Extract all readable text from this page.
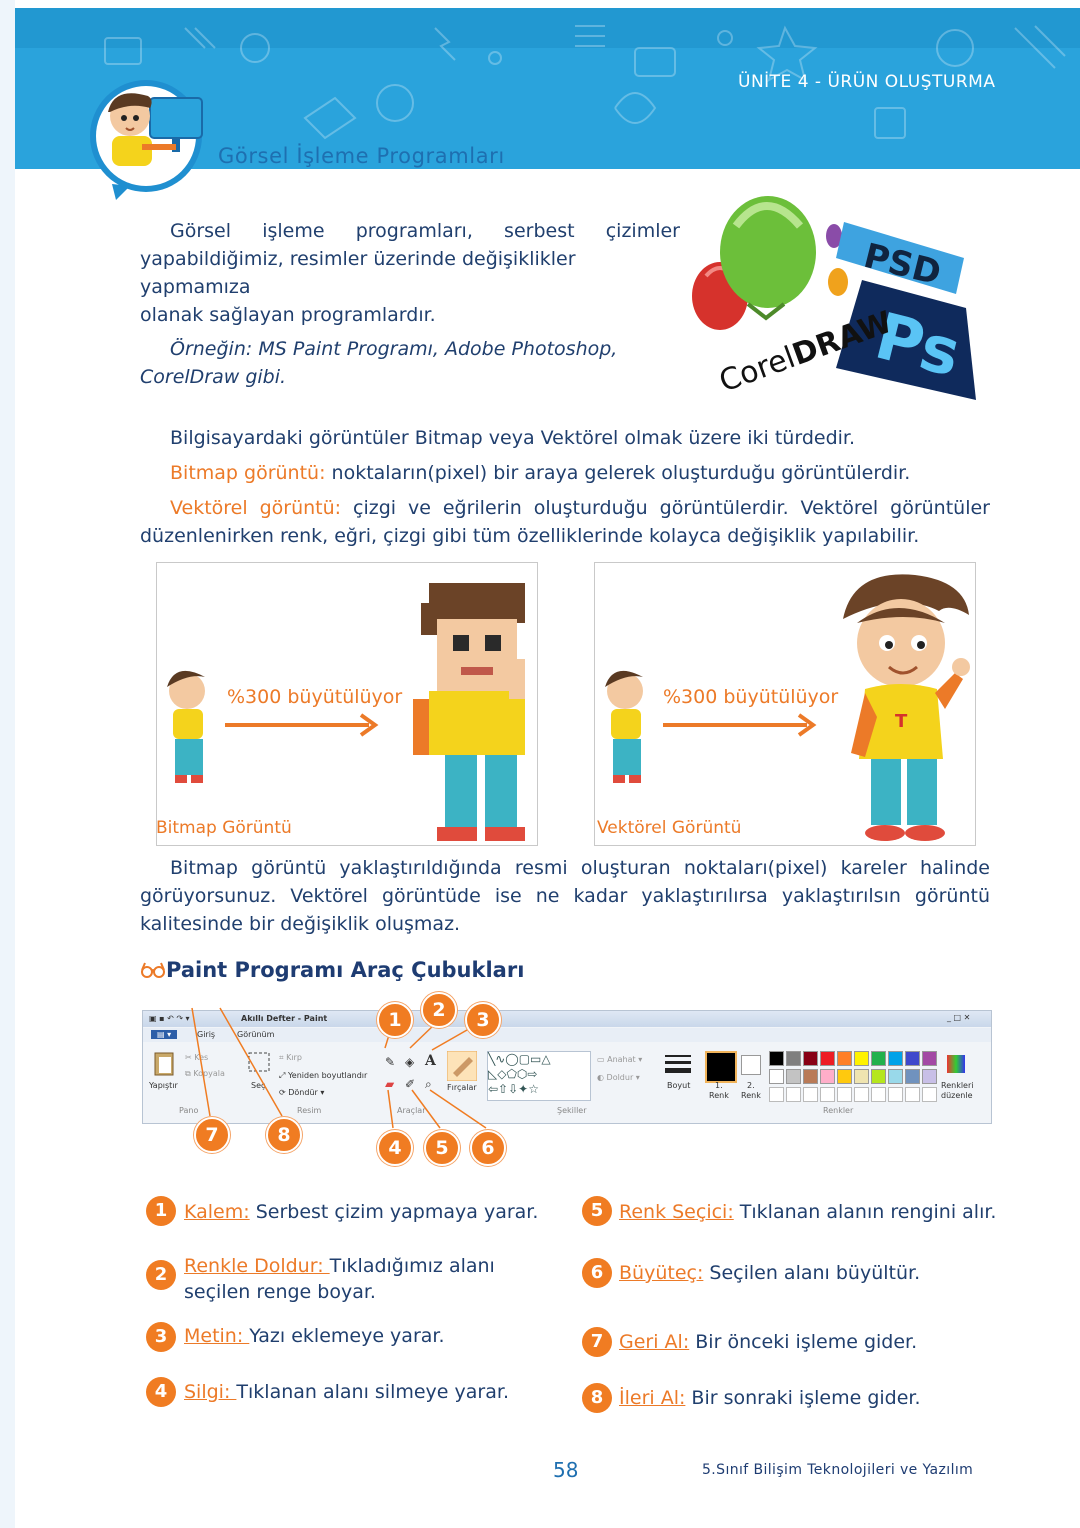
ÜNİTE 4 - ÜRÜN OLUŞTURMA
Görsel İşleme Programları

Görsel işleme programları, serbest çizimler

yapabildiğimiz, resimler üzerinde değişiklikler yapmamıza

olanak sağlayan programlardır.

Örneğin: MS Paint Programı, Adobe Photoshop,

CorelDraw gibi.

PSD
Ps
CorelDRAW

Bilgisayardaki görüntüler Bitmap veya Vektörel olmak üzere iki türdedir.

Bitmap görüntü: noktaların(pixel) bir araya gelerek oluşturduğu görüntülerdir.

Vektörel görüntü: çizgi ve eğrilerin oluşturduğu görüntülerdir. Vektörel görüntüler

düzenlenirken renk, eğri, çizgi gibi tüm özelliklerinde kolayca değişiklik yapılabilir.

%300 büyütülüyor
Bitmap Görüntü
T
%300 büyütülüyor
Vektörel Görüntü

Bitmap görüntü yaklaştırıldığında resmi oluşturan noktaları(pixel) kareler halinde

görüyorsunuz. Vektörel görüntüde ise ne kadar yaklaştırılırsa yaklaştırılsın görüntü

kalitesinde bir değişiklik oluşmaz.

Paint Programı Araç Çubukları
▣ ▪ ↶ ↷ ▾	Akıllı Defter - Paint	_ □ ✕
▤ ▾	Giriş	Görünüm
Yapıştır
✂ Kes
⧉ Kopyala
Pano
Seç
⌗ Kırp
⤢ Yeniden boyutlandır
⟳ Döndür ▾
Resim
✎ ◈ A
▰ ✐ ⌕
Araçlar
Fırçalar
╲∿◯▢▭△
◺◇⬠⬡⇨
⇦⇧⇩✦☆
▭ Anahat ▾
◐ Doldur ▾
Şekiller
Boyut	1.
Renk
2.
Renk
Renkleri
düzenle
Renkler
1	2	3
4	5	6
7	8
1 Kalem: Serbest çizim yapmaya yarar.
2 Renkle Doldur: Tıkladığımız alanı
seçilen renge boyar.
3 Metin: Yazı eklemeye yarar.
4 Silgi: Tıklanan alanı silmeye yarar.
5 Renk Seçici: Tıklanan alanın rengini alır.
6 Büyüteç: Seçilen alanı büyültür.
7 Geri Al: Bir önceki işleme gider.
8 İleri Al: Bir sonraki işleme gider.
58	5.Sınıf Bilişim Teknolojileri ve Yazılım
